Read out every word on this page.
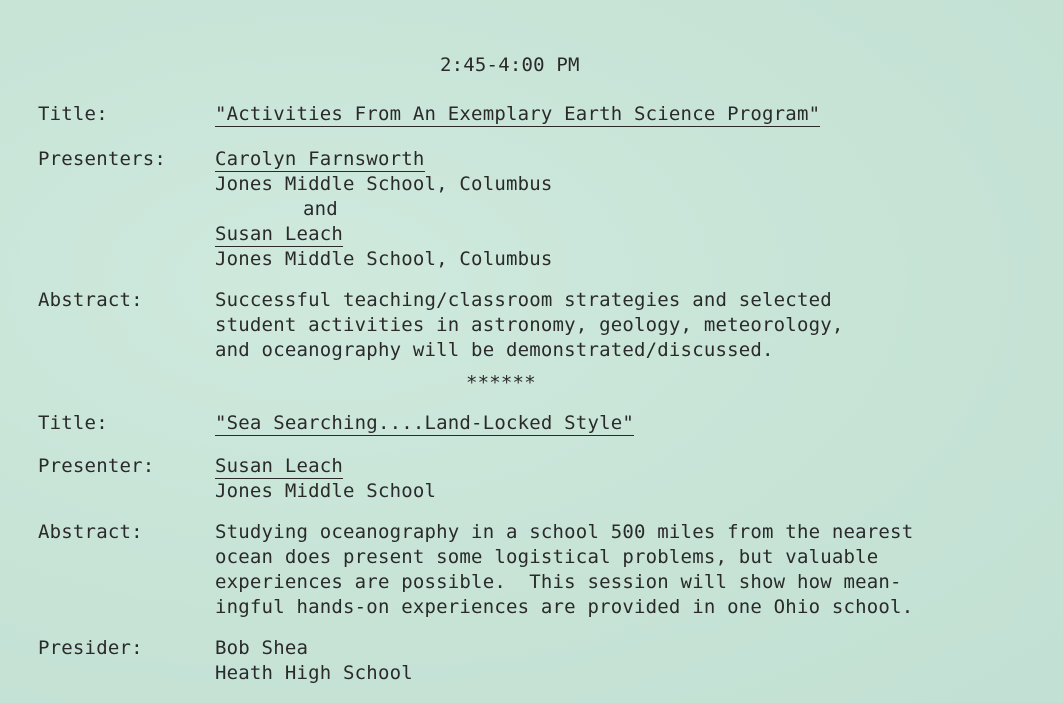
2:45-4:00 PM
Title:	"Activities From An Exemplary Earth Science Program"
Presenters:	Carolyn Farnsworth
Jones Middle School, Columbus
and
Susan Leach
Jones Middle School, Columbus
Abstract:	Successful teaching/classroom strategies and selected
student activities in astronomy, geology, meteorology,
and oceanography will be demonstrated/discussed.
******
Title:	"Sea Searching....Land-Locked Style"
Presenter:	Susan Leach
Jones Middle School
Abstract:	Studying oceanography in a school 500 miles from the nearest
ocean does present some logistical problems, but valuable
experiences are possible.  This session will show how mean-
ingful hands-on experiences are provided in one Ohio school.
Presider:	Bob Shea
Heath High School
